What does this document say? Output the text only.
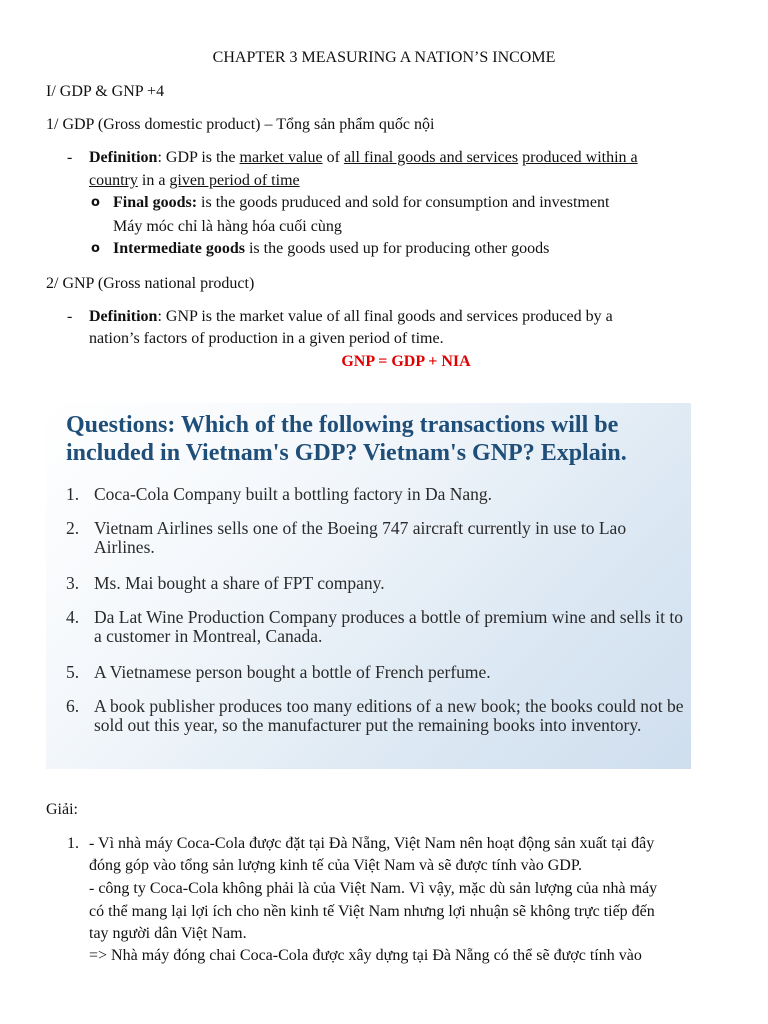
CHAPTER 3 MEASURING A NATION’S INCOME
I/ GDP & GNP +4
1/ GDP (Gross domestic product) – Tổng sản phẩm quốc nội
- Definition: GDP is the market value of all final goods and services produced within a
country in a given period of time
o Final goods: is the goods pruduced and sold for consumption and investment
Máy móc chỉ là hàng hóa cuối cùng
o Intermediate goods is the goods used up for producing other goods
2/ GNP (Gross national product)
- Definition: GNP is the market value of all final goods and services produced by a
nation’s factors of production in a given period of time.
GNP = GDP + NIA
Questions: Which of the following transactions will be
included in Vietnam's GDP? Vietnam's GNP? Explain.
1. Coca-Cola Company built a bottling factory in Da Nang.
2. Vietnam Airlines sells one of the Boeing 747 aircraft currently in use to Lao Airlines.
3. Ms. Mai bought a share of FPT company.
4. Da Lat Wine Production Company produces a bottle of premium wine and sells it to a customer in Montreal, Canada.
5. A Vietnamese person bought a bottle of French perfume.
6. A book publisher produces too many editions of a new book; the books could not be sold out this year, so the manufacturer put the remaining books into inventory.
Giải:
1. - Vì nhà máy Coca-Cola được đặt tại Đà Nẵng, Việt Nam nên hoạt động sản xuất tại đây
đóng góp vào tổng sản lượng kinh tế của Việt Nam và sẽ được tính vào GDP.
- công ty Coca-Cola không phải là của Việt Nam. Vì vậy, mặc dù sản lượng của nhà máy
có thể mang lại lợi ích cho nền kinh tế Việt Nam nhưng lợi nhuận sẽ không trực tiếp đến
tay người dân Việt Nam.
=> Nhà máy đóng chai Coca-Cola được xây dựng tại Đà Nẵng có thể sẽ được tính vào
